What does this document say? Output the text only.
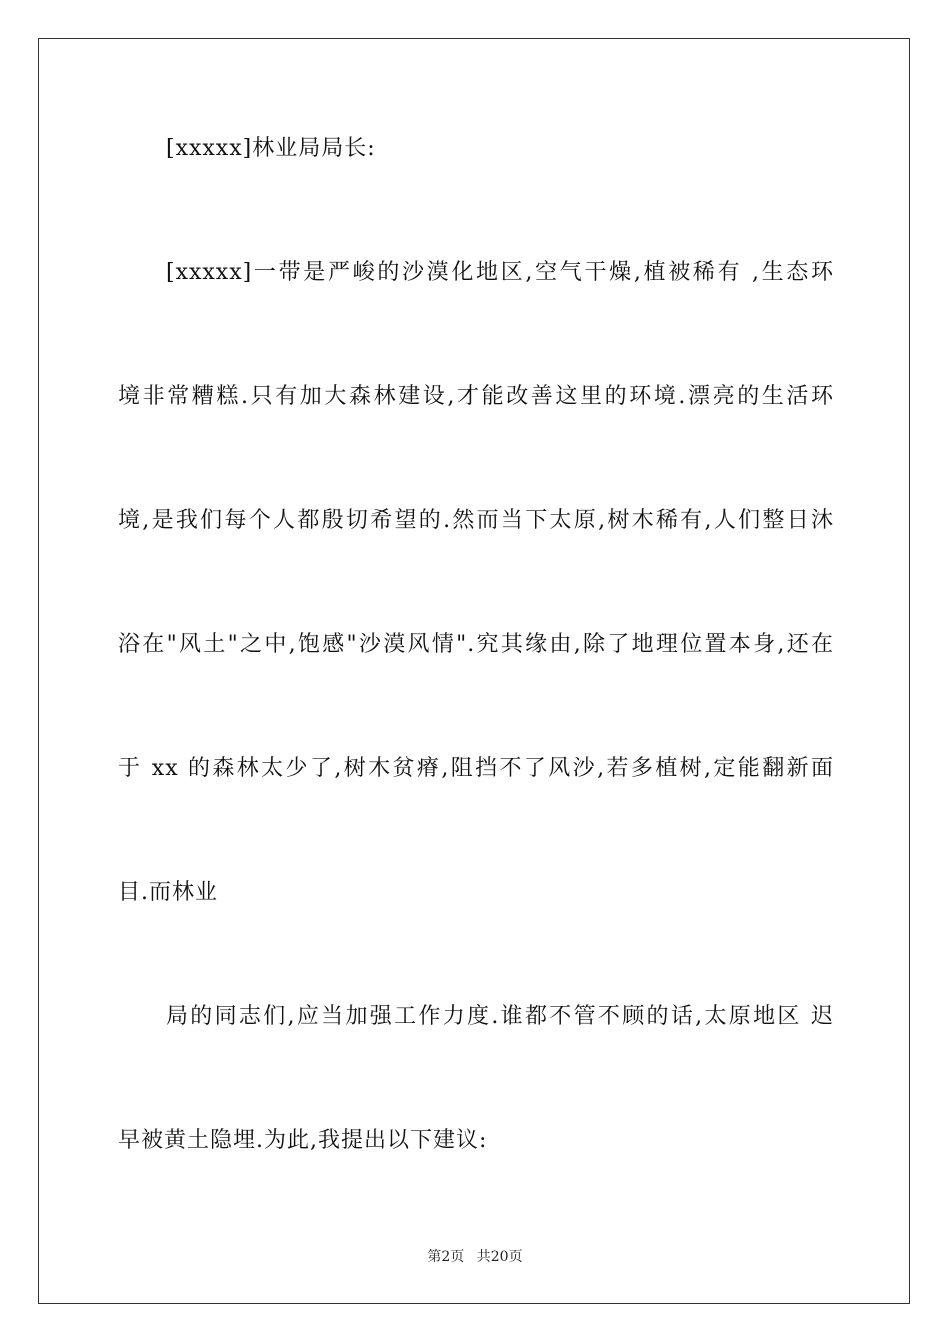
[xxxxx]林业局局长:
[xxxxx]一带是严峻的沙漠化地区,空气干燥,植被稀有 ,生态环
境非常糟糕.只有加大森林建设,才能改善这里的环境.漂亮的生活环
境,是我们每个人都殷切希望的.然而当下太原,树木稀有,人们整日沐
浴在"风土"之中,饱感"沙漠风情".究其缘由,除了地理位置本身,还在
于 xx 的森林太少了,树木贫瘠,阻挡不了风沙,若多植树,定能翻新面
目.而林业
局的同志们,应当加强工作力度.谁都不管不顾的话,太原地区 迟
早被黄土隐埋.为此,我提出以下建议:
第2页 共20页
